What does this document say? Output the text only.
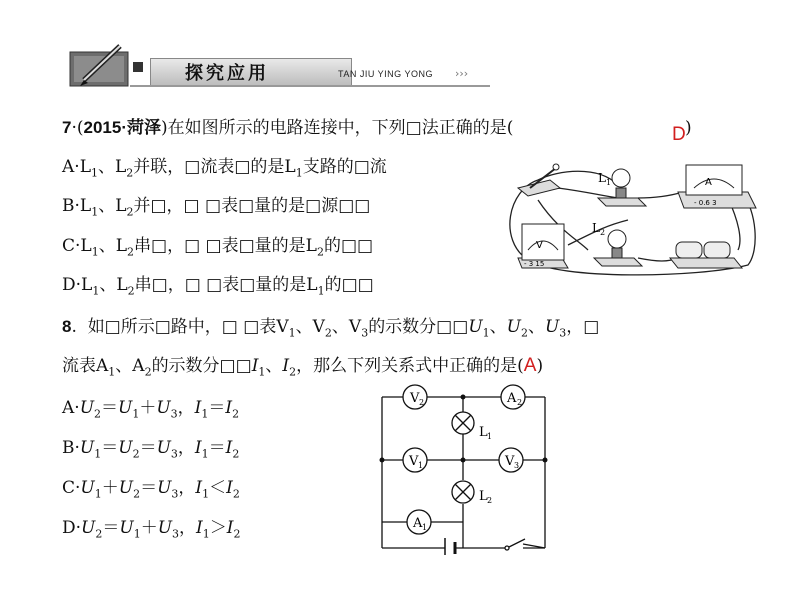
探究应用	TAN JIU YING YONG ›››
7·(2015·菏泽)在如图所示的电路连接中，下列□法正确的是(	D )
$A\cdot L_1$、$L_2$并联，□流表□的是$L_1$支路的□流
$B\cdot L_1$、$L_2$并□，□ □表□量的是□源□□
$C\cdot L_1$、$L_2$串□，□ □表□量的是$L_2$的□□
$D\cdot L_1$、$L_2$串□，□ □表□量的是$L_1$的□□
L 1	A
- 0.6 3
V
- 3 15
L 2
8.  如□所示□路中，□ □表$V_1$、$V_2$、$V_3$的示数分$□□U_1$、$U_2$、$U_3$，□
流表$A_1$、$A_2$的示数分$□□I_1$、$I_2$，那么下列关系式中正确的是(A)
$A\cdot U_2=U_1+U_3$，$I_1=I_2$
$B\cdot U_1=U_2=U_3$，$I_1=I_2$
$C\cdot U_1+U_2=U_3$，$I_1<I_2$
$D\cdot U_2=U_1+U_3$，$I_1>I_2$
V 2	A 2
V 1	V 3
A 1
L 1
L 2
